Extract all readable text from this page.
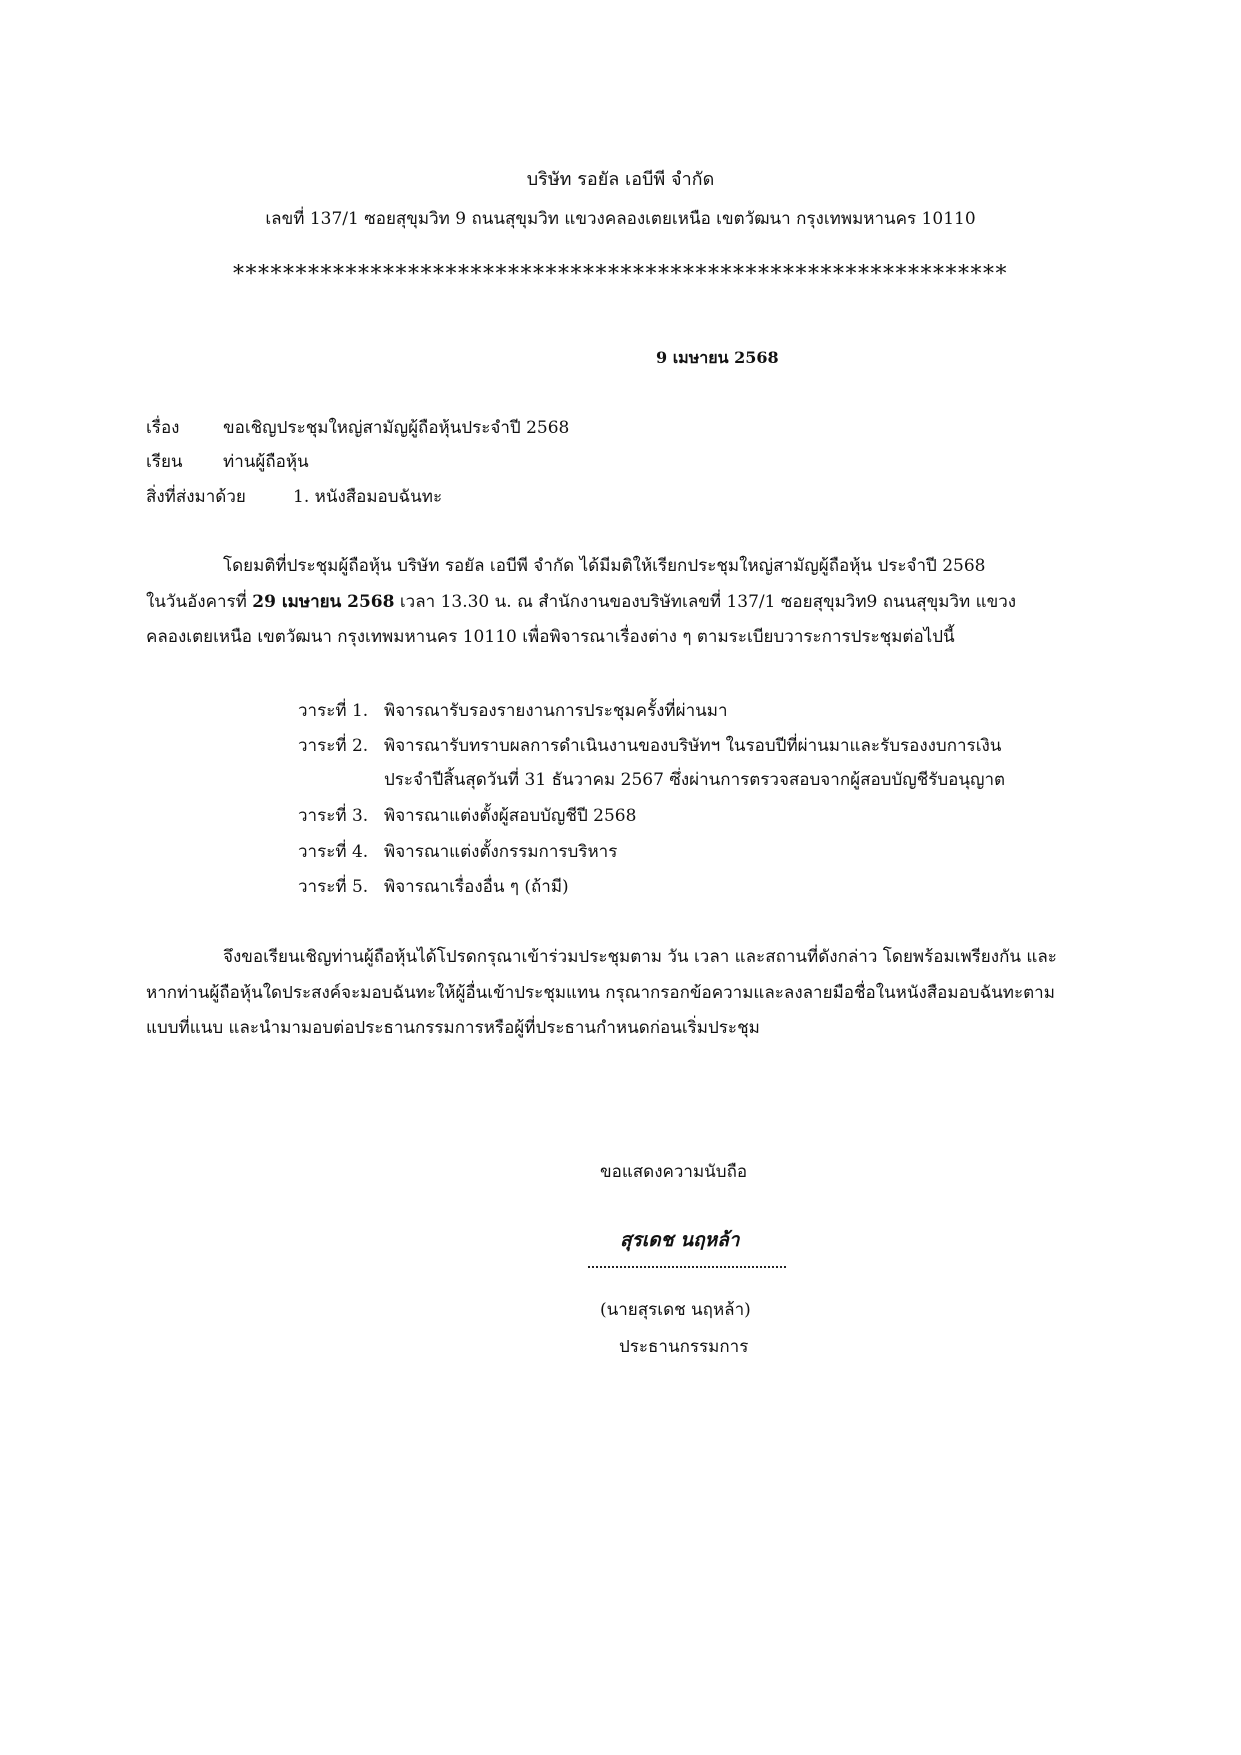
บริษัท รอยัล เอบีพี จำกัด
เลขที่ 137/1 ซอยสุขุมวิท 9 ถนนสุขุมวิท แขวงคลองเตยเหนือ เขตวัฒนา กรุงเทพมหานคร 10110
**************************************************************
9 เมษายน 2568
เรื่อง	ขอเชิญประชุมใหญ่สามัญผู้ถือหุ้นประจำปี 2568
เรียน ท่านผู้ถือหุ้น
สิ่งที่ส่งมาด้วย	1. หนังสือมอบฉันทะ
โดยมติที่ประชุมผู้ถือหุ้น บริษัท รอยัล เอบีพี จำกัด ได้มีมติให้เรียกประชุมใหญ่สามัญผู้ถือหุ้น ประจำปี 2568
ในวันอังคารที่ 29 เมษายน 2568 เวลา 13.30 น. ณ สำนักงานของบริษัทเลขที่ 137/1 ซอยสุขุมวิท9 ถนนสุขุมวิท แขวง
คลองเตยเหนือ เขตวัฒนา กรุงเทพมหานคร 10110 เพื่อพิจารณาเรื่องต่าง ๆ ตามระเบียบวาระการประชุมต่อไปนี้
วาระที่ 1. พิจารณารับรองรายงานการประชุมครั้งที่ผ่านมา
วาระที่ 2. พิจารณารับทราบผลการดำเนินงานของบริษัทฯ ในรอบปีที่ผ่านมาและรับรองงบการเงิน
ประจำปีสิ้นสุดวันที่ 31 ธันวาคม 2567 ซึ่งผ่านการตรวจสอบจากผู้สอบบัญชีรับอนุญาต
วาระที่ 3. พิจารณาแต่งตั้งผู้สอบบัญชีปี 2568
วาระที่ 4. พิจารณาแต่งตั้งกรรมการบริหาร
วาระที่ 5. พิจารณาเรื่องอื่น ๆ (ถ้ามี)
จึงขอเรียนเชิญท่านผู้ถือหุ้นได้โปรดกรุณาเข้าร่วมประชุมตาม วัน เวลา และสถานที่ดังกล่าว โดยพร้อมเพรียงกัน และ
หากท่านผู้ถือหุ้นใดประสงค์จะมอบฉันทะให้ผู้อื่นเข้าประชุมแทน กรุณากรอกข้อความและลงลายมือชื่อในหนังสือมอบฉันทะตาม
แบบที่แนบ และนำมามอบต่อประธานกรรมการหรือผู้ที่ประธานกำหนดก่อนเริ่มประชุม
ขอแสดงความนับถือ
สุรเดช นฤหล้า
(นายสุรเดช นฤหล้า)
ประธานกรรมการ
